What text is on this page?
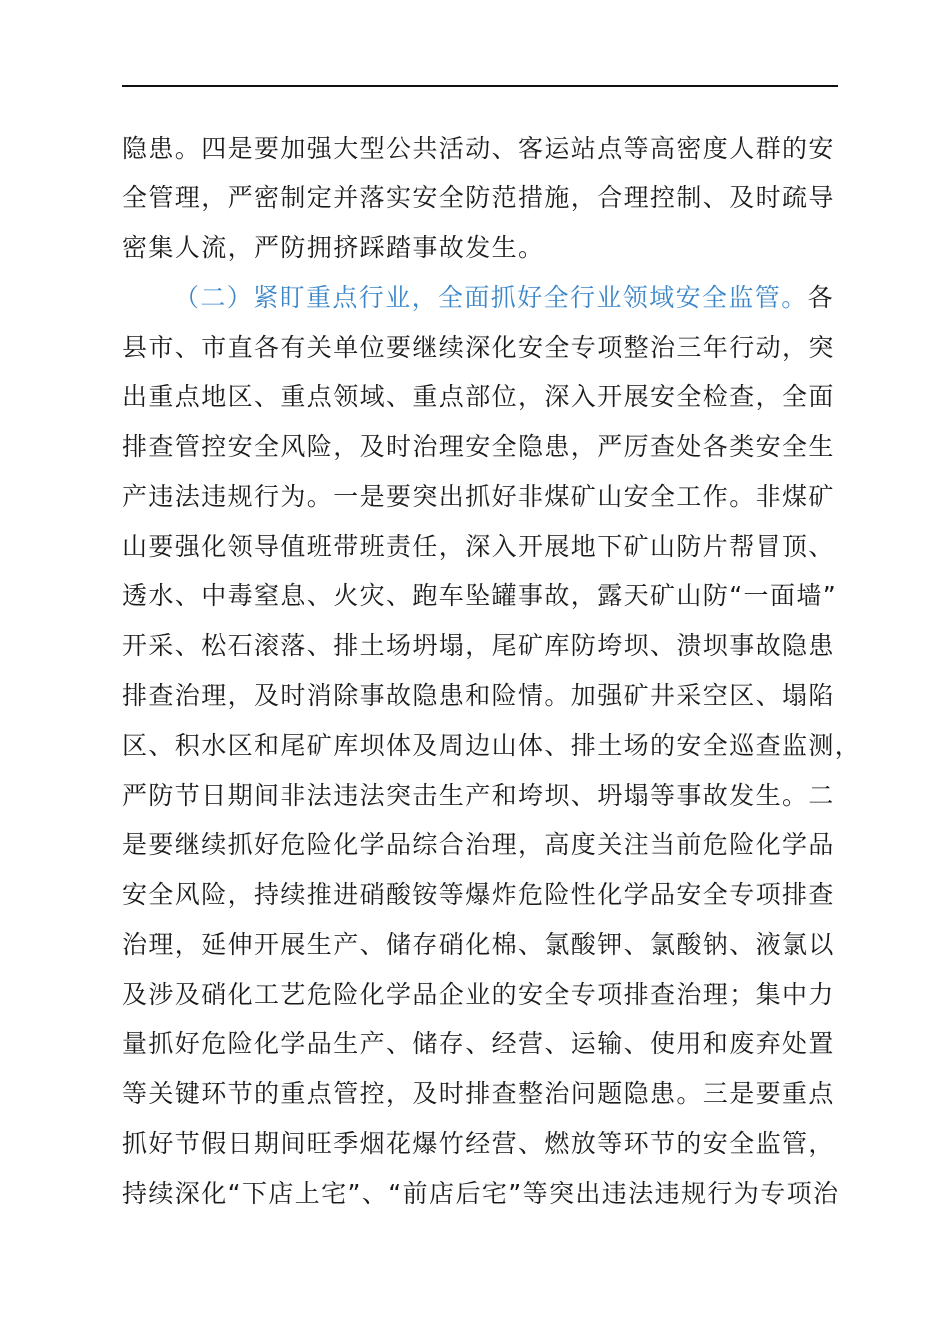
隐患。四是要加强大型公共活动、客运站点等高密度人群的安
全管理，严密制定并落实安全防范措施，合理控制、及时疏导
密集人流，严防拥挤踩踏事故发生。
（二）紧盯重点行业，全面抓好全行业领域安全监管。各
县市、市直各有关单位要继续深化安全专项整治三年行动，突
出重点地区、重点领域、重点部位，深入开展安全检查，全面
排查管控安全风险，及时治理安全隐患，严厉查处各类安全生
产违法违规行为。一是要突出抓好非煤矿山安全工作。非煤矿
山要强化领导值班带班责任，深入开展地下矿山防片帮冒顶、
透水、中毒窒息、火灾、跑车坠罐事故，露天矿山防“一面墙”
开采、松石滚落、排土场坍塌，尾矿库防垮坝、溃坝事故隐患
排查治理，及时消除事故隐患和险情。加强矿井采空区、塌陷
区、积水区和尾矿库坝体及周边山体、排土场的安全巡查监测，
严防节日期间非法违法突击生产和垮坝、坍塌等事故发生。二
是要继续抓好危险化学品综合治理，高度关注当前危险化学品
安全风险，持续推进硝酸铵等爆炸危险性化学品安全专项排查
治理，延伸开展生产、储存硝化棉、氯酸钾、氯酸钠、液氯以
及涉及硝化工艺危险化学品企业的安全专项排查治理；集中力
量抓好危险化学品生产、储存、经营、运输、使用和废弃处置
等关键环节的重点管控，及时排查整治问题隐患。三是要重点
抓好节假日期间旺季烟花爆竹经营、燃放等环节的安全监管，
持续深化“下店上宅”、“前店后宅”等突出违法违规行为专项治
